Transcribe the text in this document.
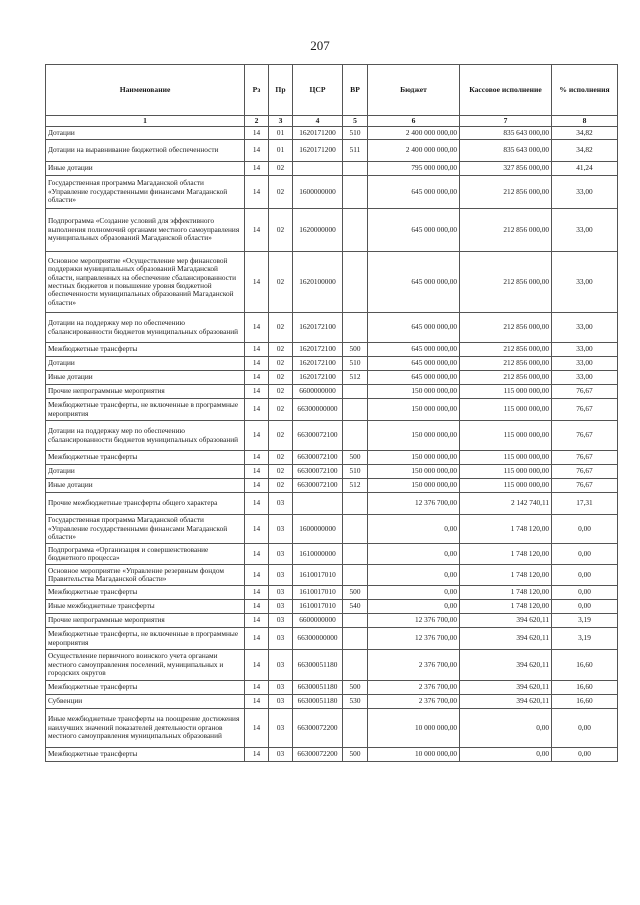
207
Наименование	Рз	Пр	ЦСР	ВР	Бюджет	Кассовое исполнение	% исполнения
1	2	3	4	5	6	7	8
Дотации	14	01	1620171200	510	2 400 000 000,00	835 643 000,00	34,82
Дотации на выравнивание бюджетной обеспеченности	14	01	1620171200	511	2 400 000 000,00	835 643 000,00	34,82
Иные дотации	14	02			795 000 000,00	327 856 000,00	41,24
Государственная программа Магаданской области «Управление государственными финансами Магаданской области»	14	02	1600000000		645 000 000,00	212 856 000,00	33,00
Подпрограмма «Создание условий для эффективного выполнения полномочий органами местного самоуправления муниципальных образований Магаданской области»	14	02	1620000000		645 000 000,00	212 856 000,00	33,00
Основное мероприятие «Осуществление мер финансовой поддержки муниципальных образований Магаданской области, направленных на обеспечение сбалансированности местных бюджетов и повышение уровня бюджетной обеспеченности муниципальных образований Магаданской области»	14	02	1620100000		645 000 000,00	212 856 000,00	33,00
Дотации на поддержку мер по обеспечению сбалансированности бюджетов муниципальных образований	14	02	1620172100		645 000 000,00	212 856 000,00	33,00
Межбюджетные трансферты	14	02	1620172100	500	645 000 000,00	212 856 000,00	33,00
Дотации	14	02	1620172100	510	645 000 000,00	212 856 000,00	33,00
Иные дотации	14	02	1620172100	512	645 000 000,00	212 856 000,00	33,00
Прочие непрограммные мероприятия	14	02	6600000000		150 000 000,00	115 000 000,00	76,67
Межбюджетные трансферты, не включенные в программные мероприятия	14	02	66300000000		150 000 000,00	115 000 000,00	76,67
Дотации на поддержку мер по обеспечению сбалансированности бюджетов муниципальных образований	14	02	66300072100		150 000 000,00	115 000 000,00	76,67
Межбюджетные трансферты	14	02	66300072100	500	150 000 000,00	115 000 000,00	76,67
Дотации	14	02	66300072100	510	150 000 000,00	115 000 000,00	76,67
Иные дотации	14	02	66300072100	512	150 000 000,00	115 000 000,00	76,67
Прочие межбюджетные трансферты общего характера	14	03			12 376 700,00	2 142 740,11	17,31
Государственная программа Магаданской области «Управление государственными финансами Магаданской области»	14	03	1600000000		0,00	1 748 120,00	0,00
Подпрограмма «Организация и совершенствование бюджетного процесса»	14	03	1610000000		0,00	1 748 120,00	0,00
Основное мероприятие «Управление резервным фондом Правительства Магаданской области»	14	03	1610017010		0,00	1 748 120,00	0,00
Межбюджетные трансферты	14	03	1610017010	500	0,00	1 748 120,00	0,00
Иные межбюджетные трансферты	14	03	1610017010	540	0,00	1 748 120,00	0,00
Прочие непрограммные мероприятия	14	03	6600000000		12 376 700,00	394 620,11	3,19
Межбюджетные трансферты, не включенные в программные мероприятия	14	03	66300000000		12 376 700,00	394 620,11	3,19
Осуществление первичного воинского учета органами местного самоуправления поселений, муниципальных и городских округов	14	03	66300051180		2 376 700,00	394 620,11	16,60
Межбюджетные трансферты	14	03	66300051180	500	2 376 700,00	394 620,11	16,60
Субвенции	14	03	66300051180	530	2 376 700,00	394 620,11	16,60
Иные межбюджетные трансферты на поощрение достижения наилучших значений показателей деятельности органов местного самоуправления муниципальных образований	14	03	66300072200		10 000 000,00	0,00	0,00
Межбюджетные трансферты	14	03	66300072200	500	10 000 000,00	0,00	0,00
